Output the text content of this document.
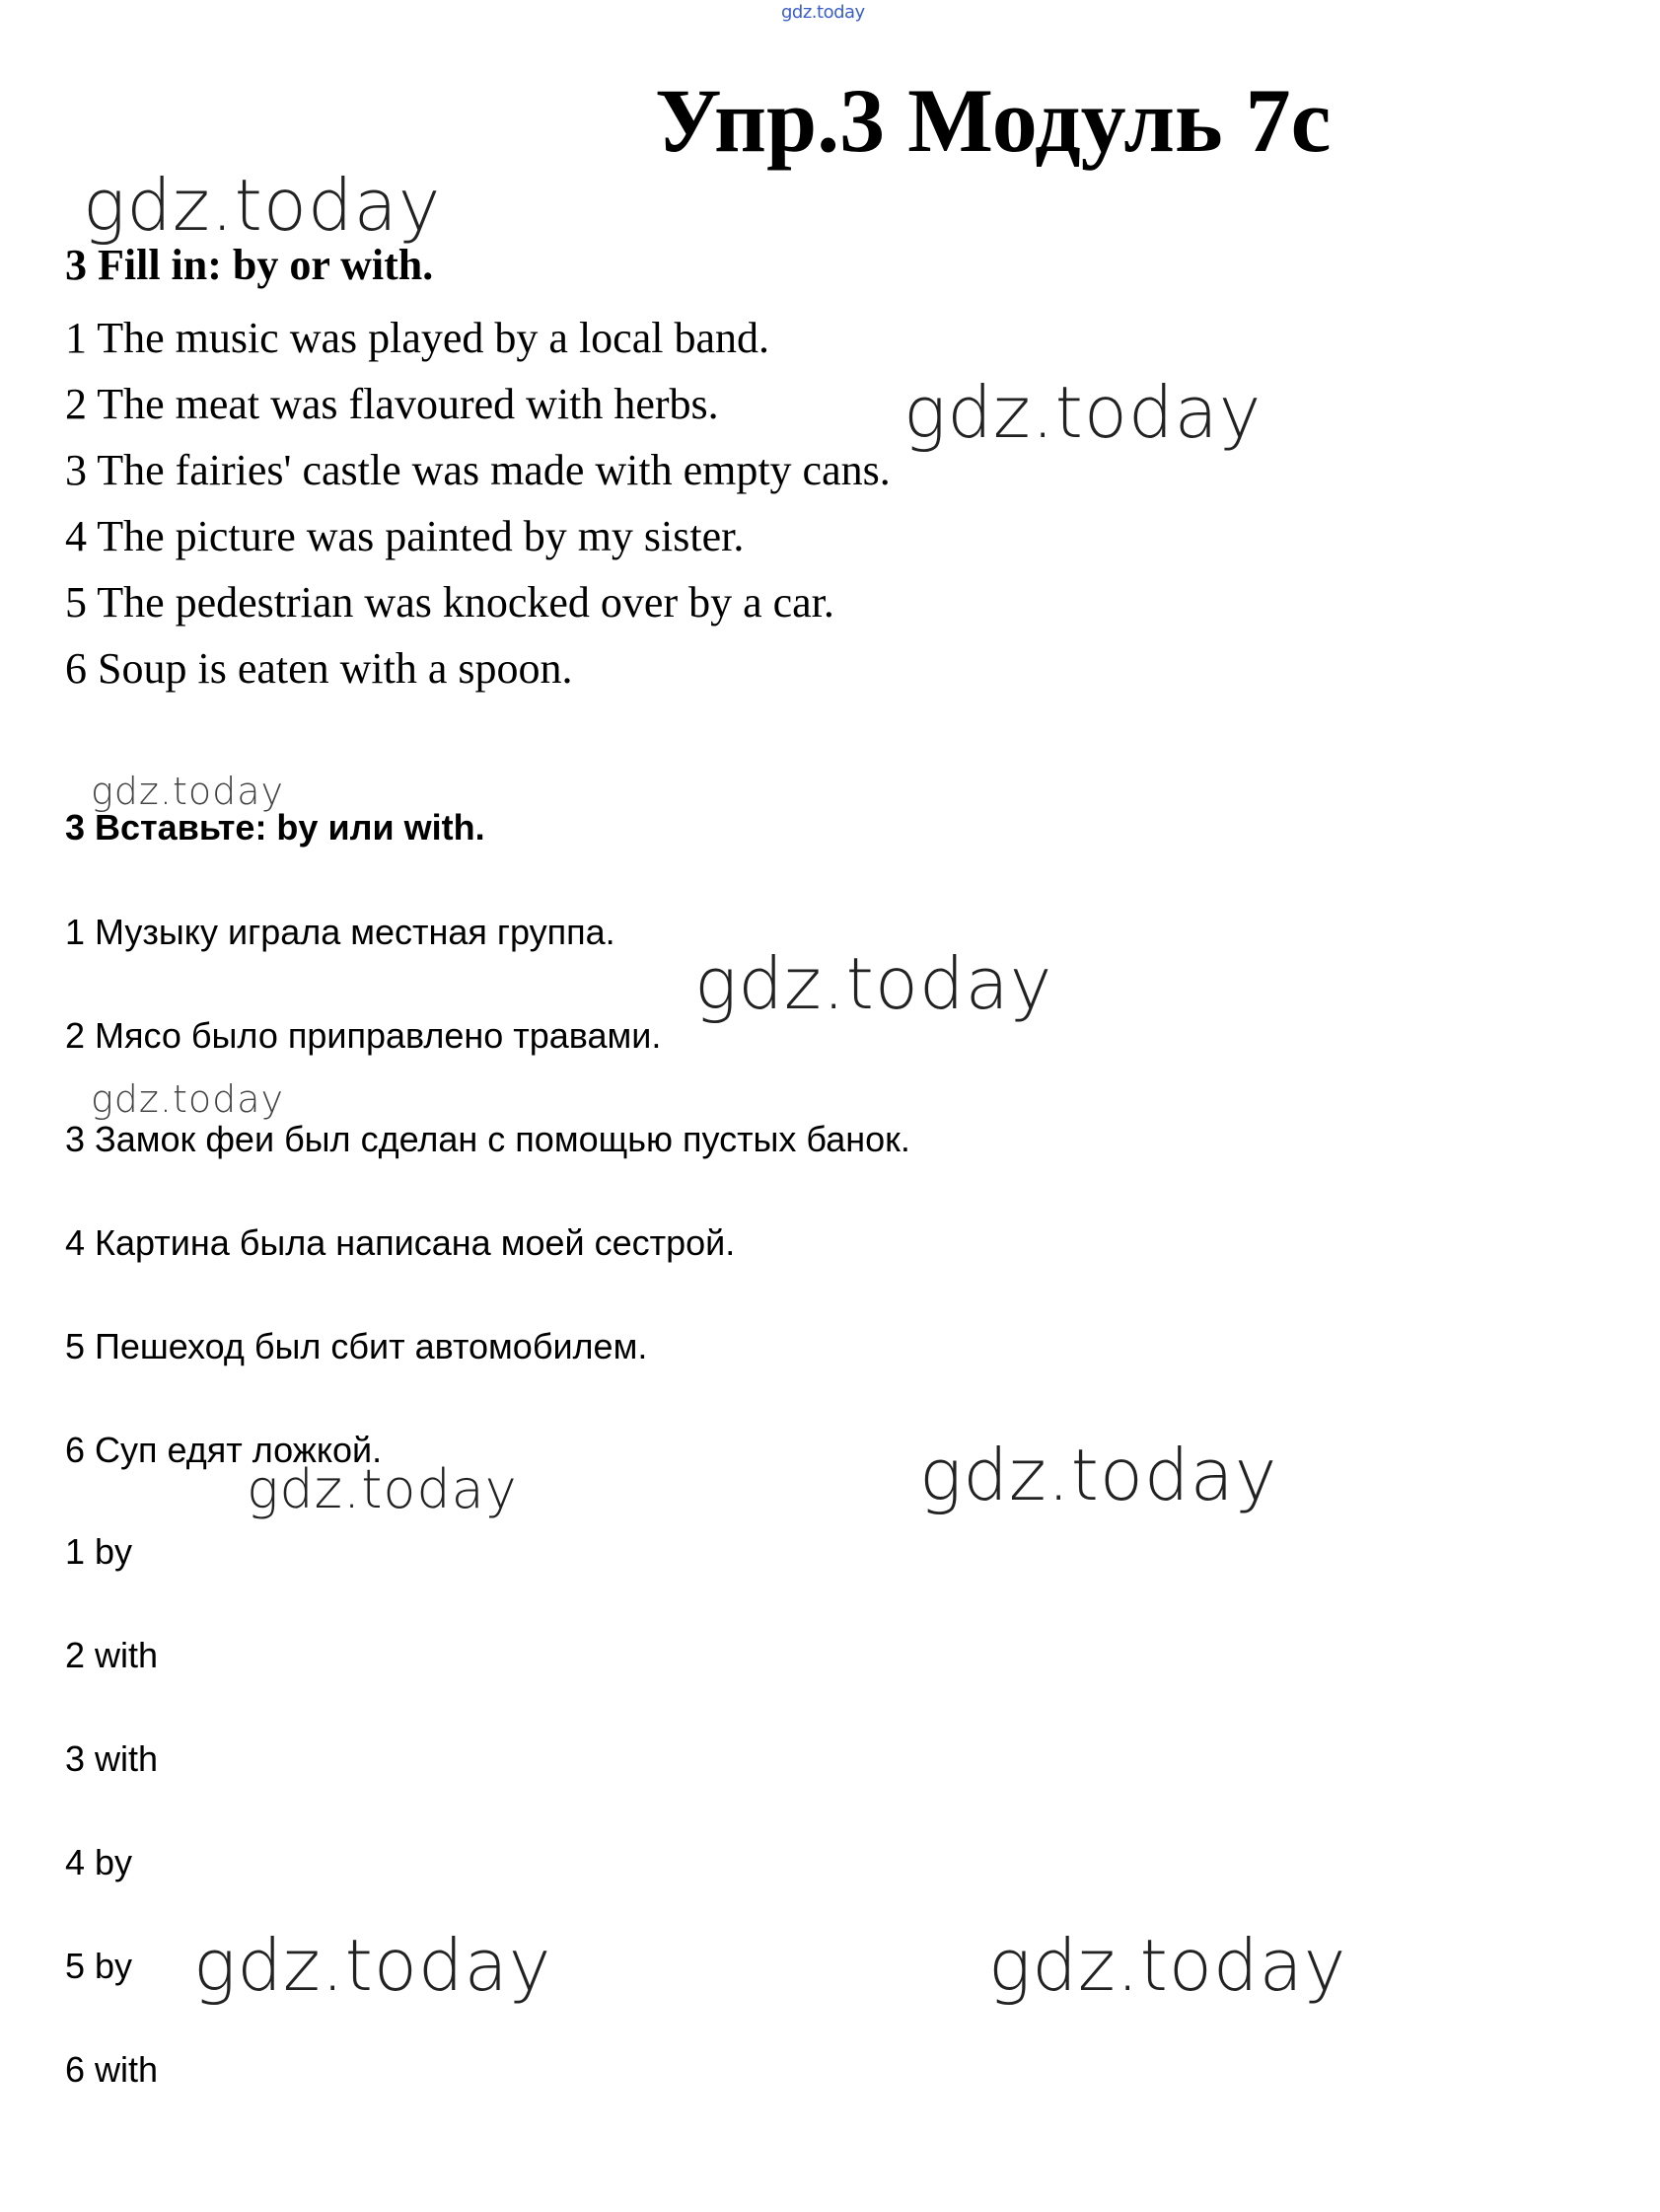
gdz.today
Упр.3 Модуль 7с
gdz.today
gdz.today
gdz.today
gdz.today
gdz.today
gdz.today
gdz.today
gdz.today	gdz.today
3 Fill in: by or with.
1 The music was played by a local band.
2 The meat was flavoured with herbs.
3 The fairies' castle was made with empty cans.
4 The picture was painted by my sister.
5 The pedestrian was knocked over by a car.
6 Soup is eaten with a spoon.
3 Вставьте: by или with.
1 Музыку играла местная группа.
2 Мясо было приправлено травами.
3 Замок феи был сделан с помощью пустых банок.
4 Картина была написана моей сестрой.
5 Пешеход был сбит автомобилем.
6 Суп едят ложкой.
1 by
2 with
3 with
4 by
5 by
6 with
